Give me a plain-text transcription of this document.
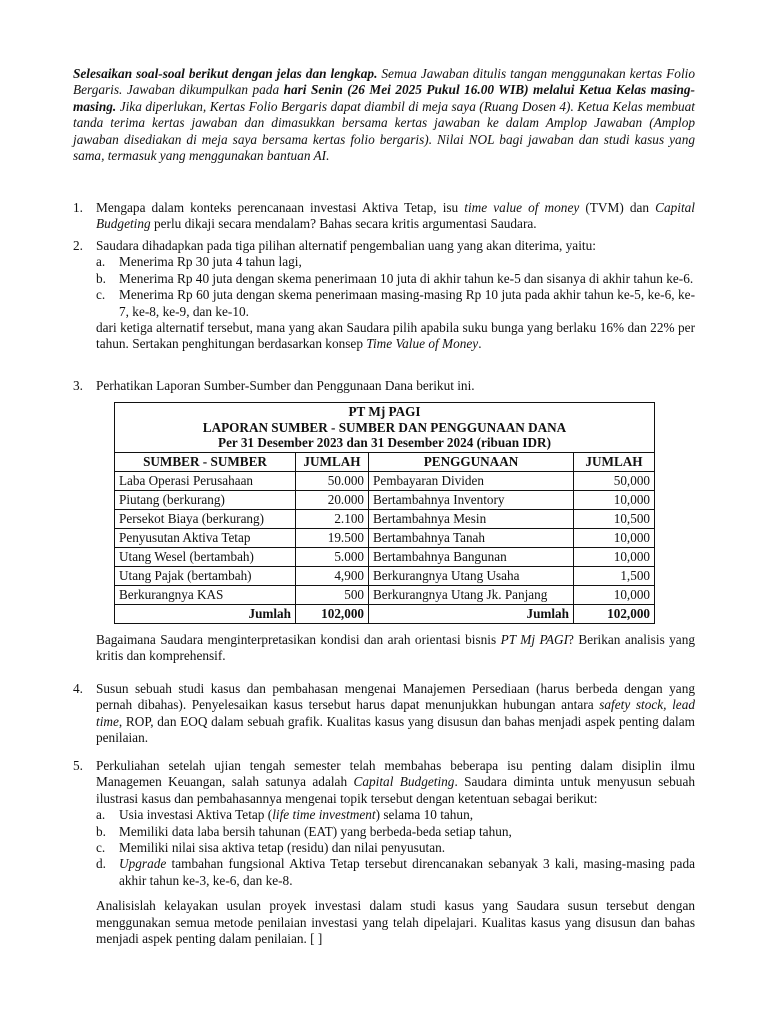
Selesaikan soal-soal berikut dengan jelas dan lengkap. Semua Jawaban ditulis tangan menggunakan kertas Folio Bergaris. Jawaban dikumpulkan pada hari Senin (26 Mei 2025 Pukul 16.00 WIB) melalui Ketua Kelas masing-masing. Jika diperlukan, Kertas Folio Bergaris dapat diambil di meja saya (Ruang Dosen 4). Ketua Kelas membuat tanda terima kertas jawaban dan dimasukkan bersama kertas jawaban ke dalam Amplop Jawaban (Amplop jawaban disediakan di meja saya bersama kertas folio bergaris). Nilai NOL bagi jawaban dan studi kasus yang sama, termasuk yang menggunakan bantuan AI.
1. Mengapa dalam konteks perencanaan investasi Aktiva Tetap, isu time value of money (TVM) dan Capital Budgeting perlu dikaji secara mendalam? Bahas secara kritis argumentasi Saudara.
2. Saudara dihadapkan pada tiga pilihan alternatif pengembalian uang yang akan diterima, yaitu:
a. Menerima Rp 30 juta 4 tahun lagi,
b. Menerima Rp 40 juta dengan skema penerimaan 10 juta di akhir tahun ke-5 dan sisanya di akhir tahun ke-6.
c. Menerima Rp 60 juta dengan skema penerimaan masing-masing Rp 10 juta pada akhir tahun ke-5, ke-6, ke-7, ke-8, ke-9, dan ke-10.
dari ketiga alternatif tersebut, mana yang akan Saudara pilih apabila suku bunga yang berlaku 16% dan 22% per tahun. Sertakan penghitungan berdasarkan konsep Time Value of Money.
3. Perhatikan Laporan Sumber-Sumber dan Penggunaan Dana berikut ini.
PT Mj PAGI
LAPORAN SUMBER - SUMBER DAN PENGGUNAAN DANA
Per 31 Desember 2023 dan 31 Desember 2024 (ribuan IDR)			

SUMBER - SUMBER	JUMLAH	PENGGUNAAN	JUMLAH
Laba Operasi Perusahaan	50.000	Pembayaran Dividen	50,000
Piutang (berkurang)	20.000	Bertambahnya Inventory	10,000
Persekot Biaya (berkurang)	2.100	Bertambahnya Mesin	10,500
Penyusutan Aktiva Tetap	19.500	Bertambahnya Tanah	10,000
Utang Wesel (bertambah)	5.000	Bertambahnya Bangunan	10,000
Utang Pajak (bertambah)	4,900	Berkurangnya Utang Usaha	1,500
Berkurangnya KAS	500	Berkurangnya Utang Jk. Panjang	10,000
Jumlah	102,000	Jumlah	102,000
Bagaimana Saudara menginterpretasikan kondisi dan arah orientasi bisnis PT Mj PAGI? Berikan analisis yang kritis dan komprehensif.
4. Susun sebuah studi kasus dan pembahasan mengenai Manajemen Persediaan (harus berbeda dengan yang pernah dibahas). Penyelesaikan kasus tersebut harus dapat menunjukkan hubungan antara safety stock, lead time, ROP, dan EOQ dalam sebuah grafik. Kualitas kasus yang disusun dan bahas menjadi aspek penting dalam penilaian.
5. Perkuliahan setelah ujian tengah semester telah membahas beberapa isu penting dalam disiplin ilmu Managemen Keuangan, salah satunya adalah Capital Budgeting. Saudara diminta untuk menyusun sebuah ilustrasi kasus dan pembahasannya mengenai topik tersebut dengan ketentuan sebagai berikut:
a. Usia investasi Aktiva Tetap (life time investment) selama 10 tahun,
b. Memiliki data laba bersih tahunan (EAT) yang berbeda-beda setiap tahun,
c. Memiliki nilai sisa aktiva tetap (residu) dan nilai penyusutan.
d. Upgrade tambahan fungsional Aktiva Tetap tersebut direncanakan sebanyak 3 kali, masing-masing pada akhir tahun ke-3, ke-6, dan ke-8.
Analisislah kelayakan usulan proyek investasi dalam studi kasus yang Saudara susun tersebut dengan menggunakan semua metode penilaian investasi yang telah dipelajari. Kualitas kasus yang disusun dan bahas menjadi aspek penting dalam penilaian. [ ]
